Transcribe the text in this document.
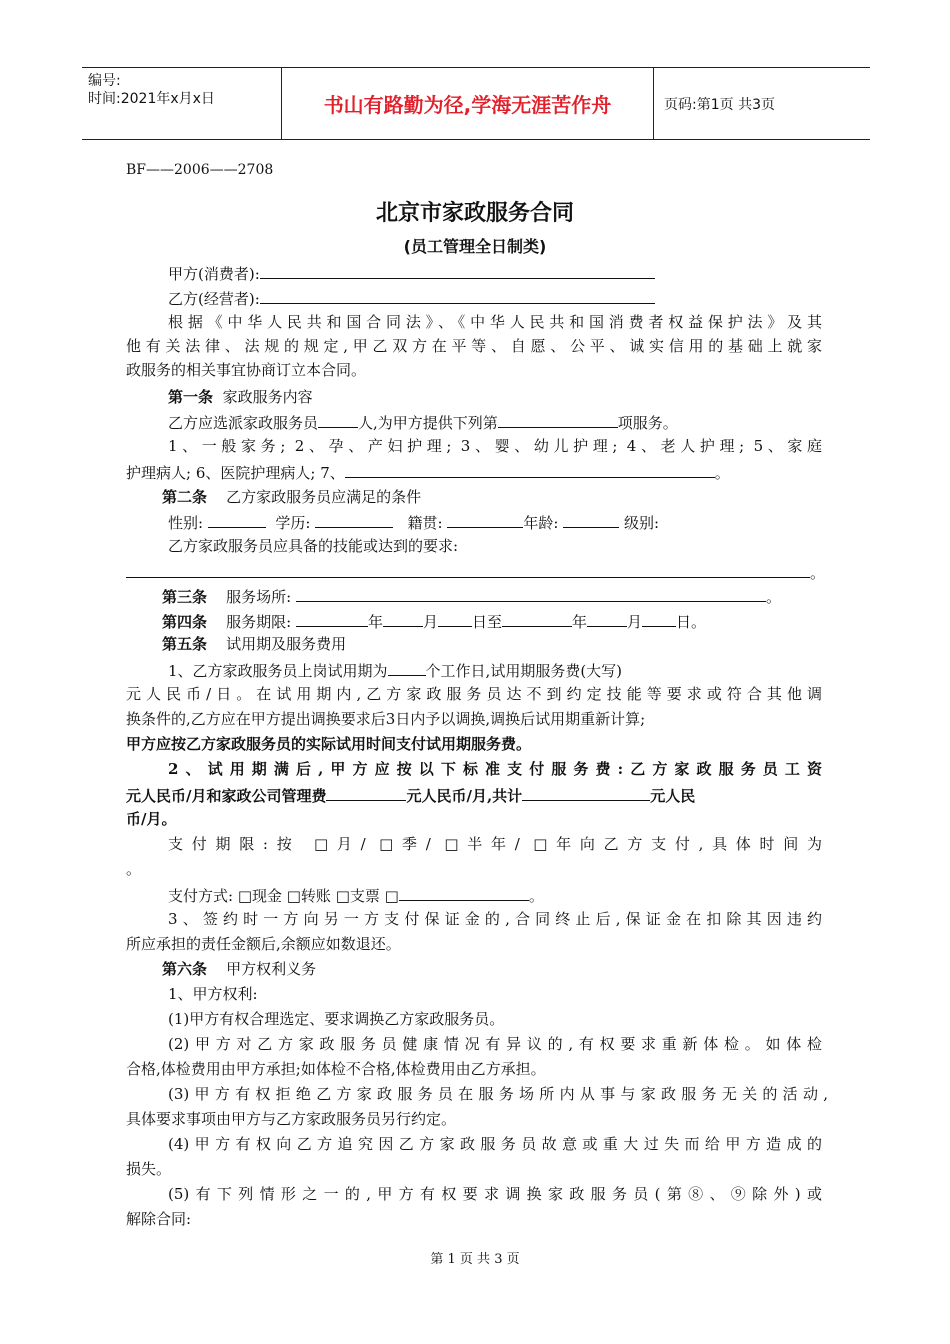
编号:
时间:2021年x月x日	书山有路勤为径,学海无涯苦作舟	页码:第1页 共3页
BF——2006——2708
北京市家政服务合同
(员工管理全日制类)
甲方(消费者):
乙方(经营者):
根据《中华人民共和国合同法》、《中华人民共和国消费者权益保护法》及其
他有关法律、法规的规定,甲乙双方在平等、自愿、公平、诚实信用的基础上就家
政服务的相关事宜协商订立本合同。
第一条 家政服务内容
乙方应选派家政服务员	人,为甲方提供下列第	项服务。
1、一般家务; 2、孕、产妇护理; 3、婴、幼儿护理; 4、老人护理; 5、家庭
护理病人; 6、医院护理病人; 7、	。
第二条 乙方家政服务员应满足的条件
性别:	学历:	籍贯:	年龄:	级别:
乙方家政服务员应具备的技能或达到的要求:
。
第三条 服务场所:	。
第四条 服务期限:	年	月 日至	年	月 日。
第五条 试用期及服务费用
1、乙方家政服务员上岗试用期为	个工作日,试用期服务费(大写)
元人民币/日。在试用期内,乙方家政服务员达不到约定技能等要求或符合其他调
换条件的,乙方应在甲方提出调换要求后3日内予以调换,调换后试用期重新计算;
甲方应按乙方家政服务员的实际试用时间支付试用期服务费。
2、试用期满后,甲方应按以下标准支付服务费:乙方家政服务员工资
元人民币/月和家政公司管理费	元人民币/月,共计	元人民
币/月。
支付期限:按 □月/ □季/ □半年/ □年向乙方支付,具体时间为
。
支付方式: □现金 □转账 □支票 □	。
3、签约时一方向另一方支付保证金的,合同终止后,保证金在扣除其因违约
所应承担的责任金额后,余额应如数退还。
第六条 甲方权利义务
1、甲方权利:
(1)甲方有权合理选定、要求调换乙方家政服务员。
(2)甲方对乙方家政服务员健康情况有异议的,有权要求重新体检。如体检
合格,体检费用由甲方承担;如体检不合格,体检费用由乙方承担。
(3)甲方有权拒绝乙方家政服务员在服务场所内从事与家政服务无关的活动,
具体要求事项由甲方与乙方家政服务员另行约定。
(4)甲方有权向乙方追究因乙方家政服务员故意或重大过失而给甲方造成的
损失。
(5)有下列情形之一的,甲方有权要求调换家政服务员(第⑧、⑨除外)或
解除合同:
第 1 页 共 3 页
